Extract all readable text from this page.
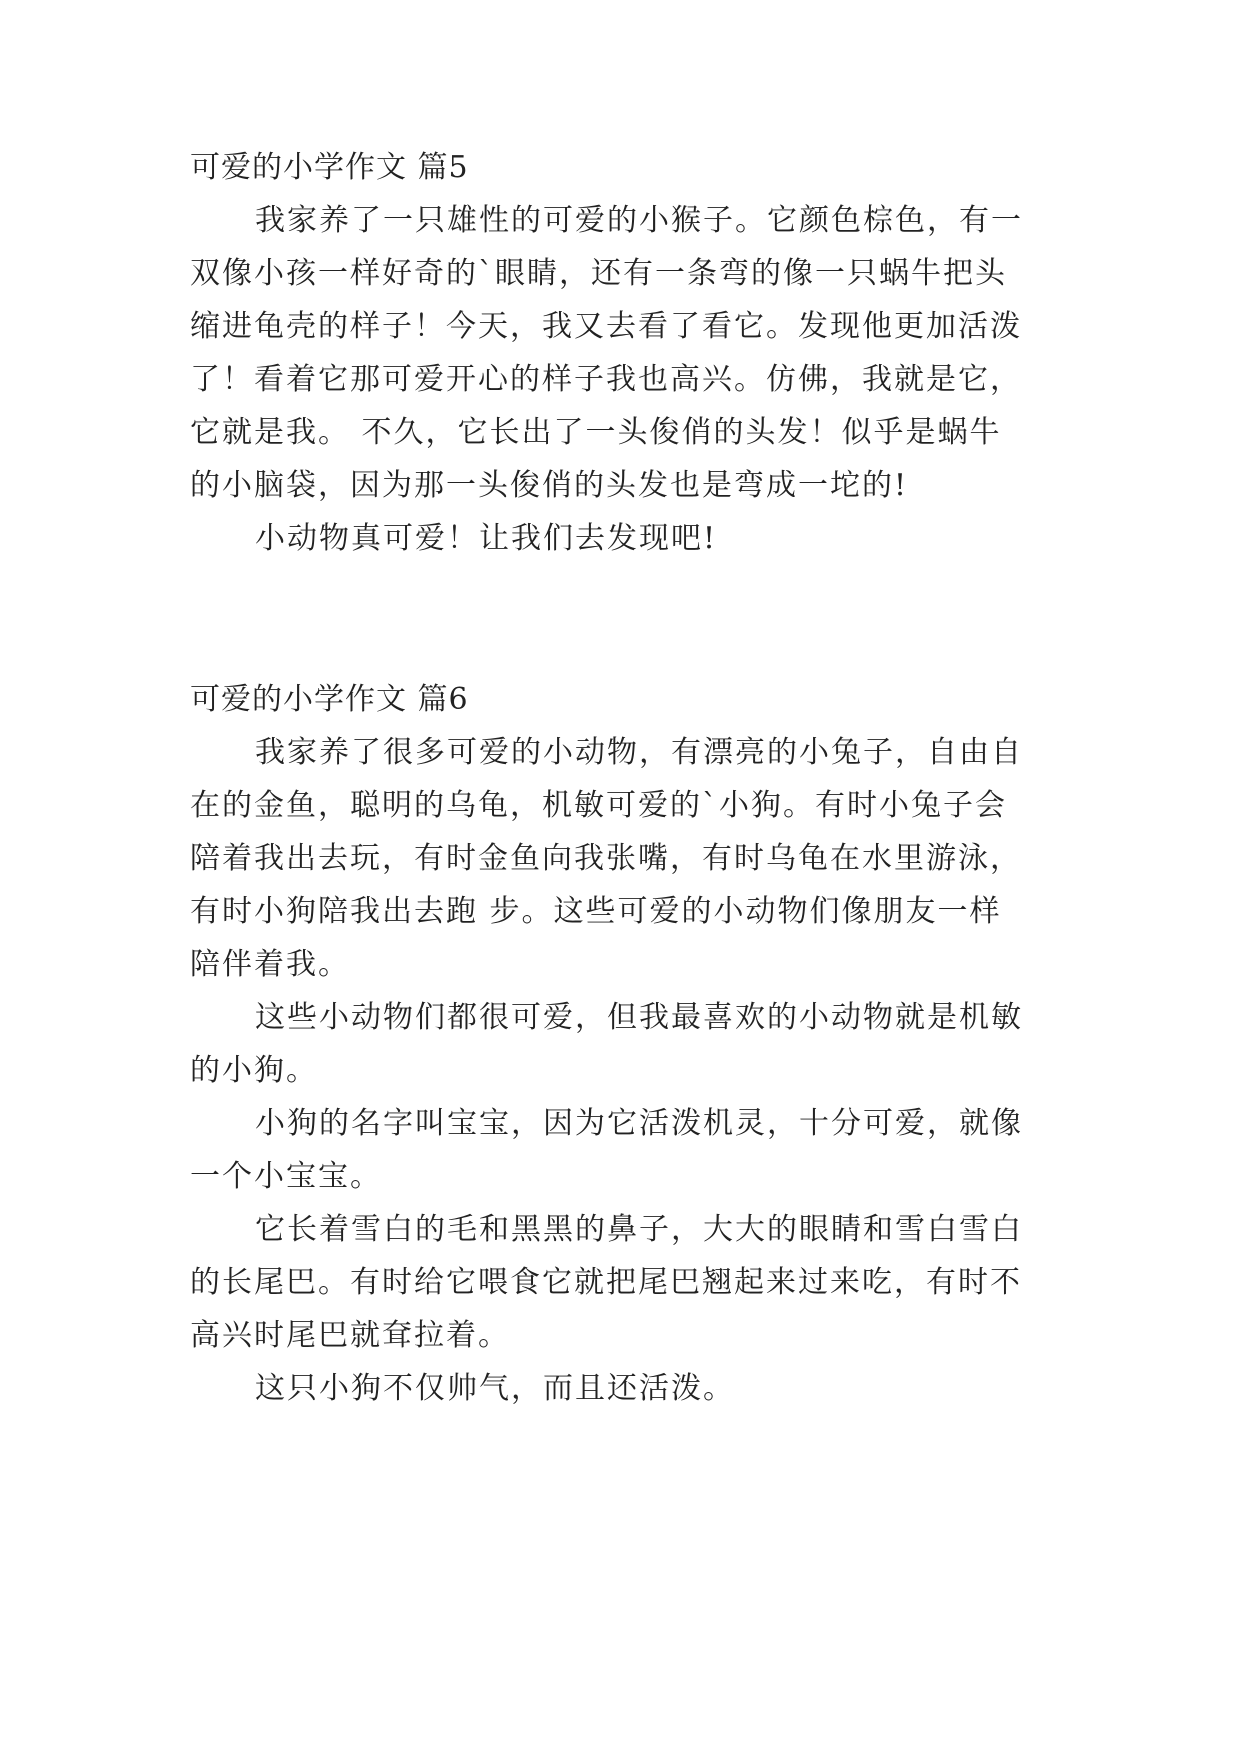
可爱的小学作文 篇5
我家养了一只雄性的可爱的小猴子。它颜色棕色，有一
双像小孩一样好奇的`眼睛，还有一条弯的像一只蜗牛把头
缩进龟壳的样子！今天，我又去看了看它。发现他更加活泼
了！看着它那可爱开心的样子我也高兴。仿佛，我就是它，
它就是我。 不久，它长出了一头俊俏的头发！似乎是蜗牛
的小脑袋，因为那一头俊俏的头发也是弯成一坨的!
小动物真可爱！让我们去发现吧!
可爱的小学作文 篇6
我家养了很多可爱的小动物，有漂亮的小兔子，自由自
在的金鱼，聪明的乌龟，机敏可爱的`小狗。有时小兔子会
陪着我出去玩，有时金鱼向我张嘴，有时乌龟在水里游泳，
有时小狗陪我出去跑 步。这些可爱的小动物们像朋友一样
陪伴着我。
这些小动物们都很可爱，但我最喜欢的小动物就是机敏
的小狗。
小狗的名字叫宝宝，因为它活泼机灵，十分可爱，就像
一个小宝宝。
它长着雪白的毛和黑黑的鼻子，大大的眼睛和雪白雪白
的长尾巴。有时给它喂食它就把尾巴翘起来过来吃，有时不
高兴时尾巴就耷拉着。
这只小狗不仅帅气，而且还活泼。
